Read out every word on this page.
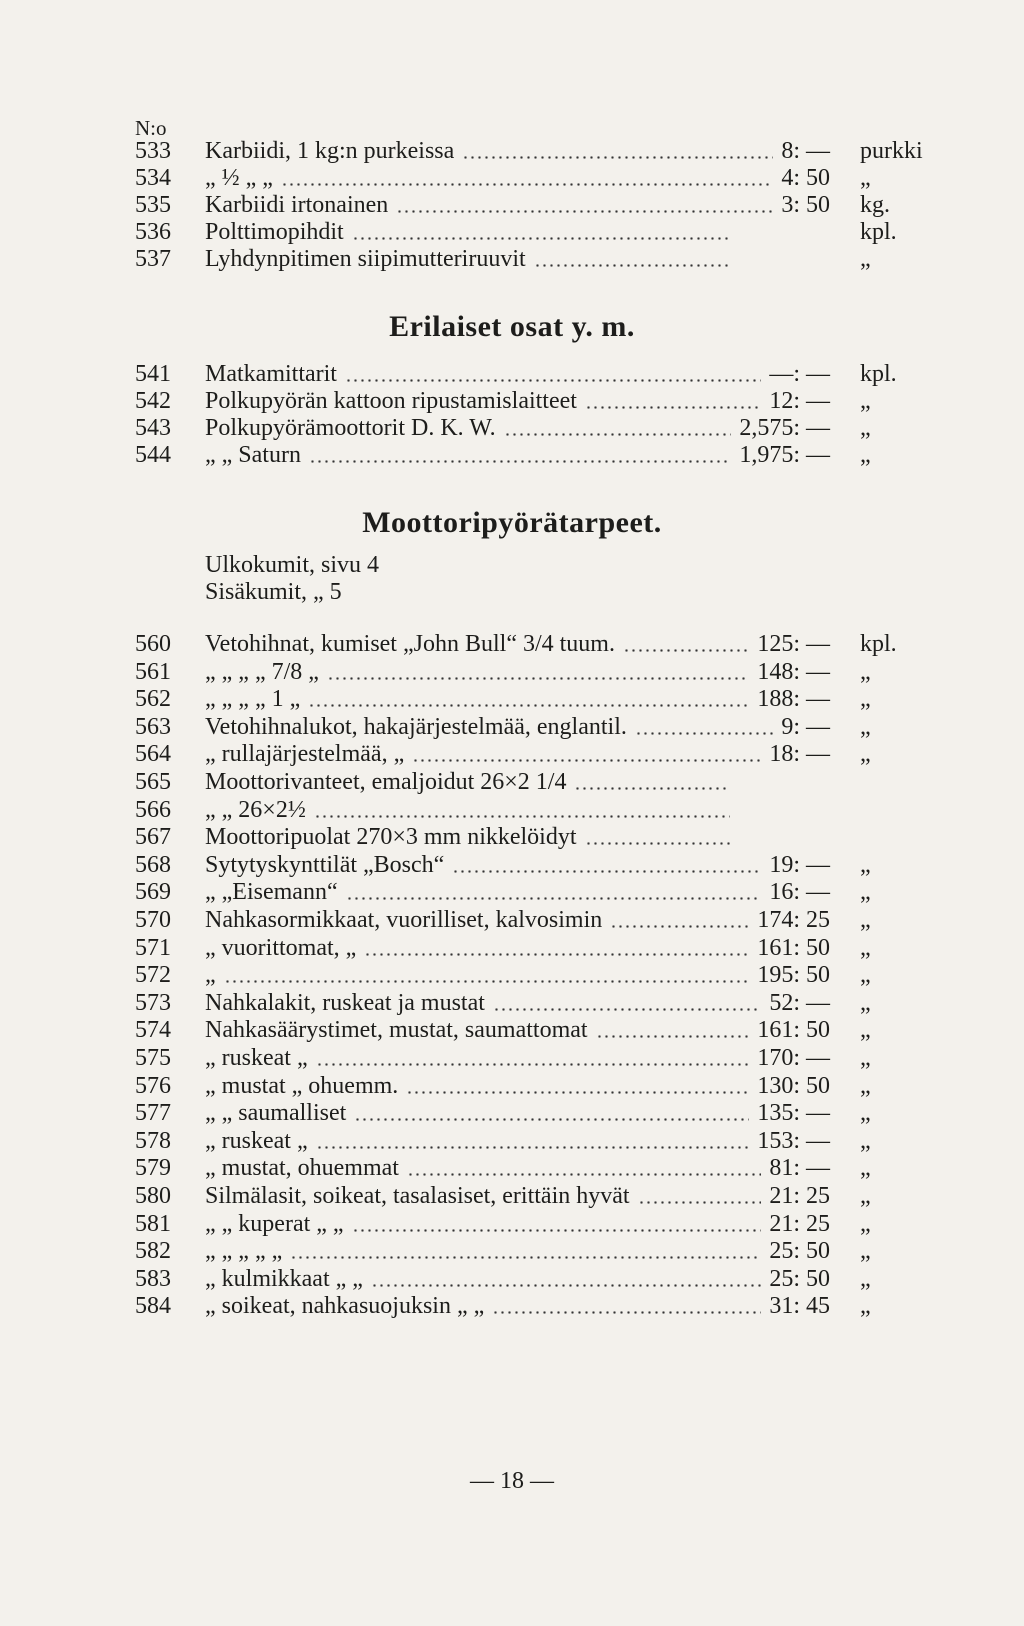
N:o
533 Karbiidi, 1 kg:n purkeissa	8: — purkki
534 „ ½ „ „	4: 50 „
535 Karbiidi irtonainen	3: 50 kg.
536 Polttimopihdit	kpl.
537 Lyhdynpitimen siipimutteriruuvit	„
Erilaiset osat y. m.
541 Matkamittarit	—: — kpl.
542 Polkupyörän kattoon ripustamislaitteet	12: — „
543 Polkupyörämoottorit D. K. W.	2,575: — „
544 „ „ Saturn	1,975: — „
Moottoripyörätarpeet.
Ulkokumit, sivu 4
Sisäkumit, „ 5
560 Vetohihnat, kumiset „John Bull“ 3/4 tuum.	125: — kpl.
561 „ „ „ „ 7/8 „	148: — „
562 „ „ „ „ 1 „	188: — „
563 Vetohihnalukot, hakajärjestelmää, englantil.	9: — „
564 „ rullajärjestelmää, „	18: — „
565 Moottorivanteet, emaljoidut 26×2 1/4
566 „ „ 26×2½
567 Moottoripuolat 270×3 mm nikkelöidyt
568 Sytytyskynttilät „Bosch“	19: — „
569 „ „Eisemann“	16: — „
570 Nahkasormikkaat, vuorilliset, kalvosimin	174: 25 „
571 „ vuorittomat, „	161: 50 „
572 „	195: 50 „
573 Nahkalakit, ruskeat ja mustat	52: — „
574 Nahkasäärystimet, mustat, saumattomat	161: 50 „
575 „ ruskeat „	170: — „
576 „ mustat „ ohuemm.	130: 50 „
577 „ „ saumalliset	135: — „
578 „ ruskeat „	153: — „
579 „ mustat, ohuemmat	81: — „
580 Silmälasit, soikeat, tasalasiset, erittäin hyvät	21: 25 „
581 „ „ kuperat „ „	21: 25 „
582 „ „ „ „ „	25: 50 „
583 „ kulmikkaat „ „	25: 50 „
584 „ soikeat, nahkasuojuksin „ „	31: 45 „
— 18 —
